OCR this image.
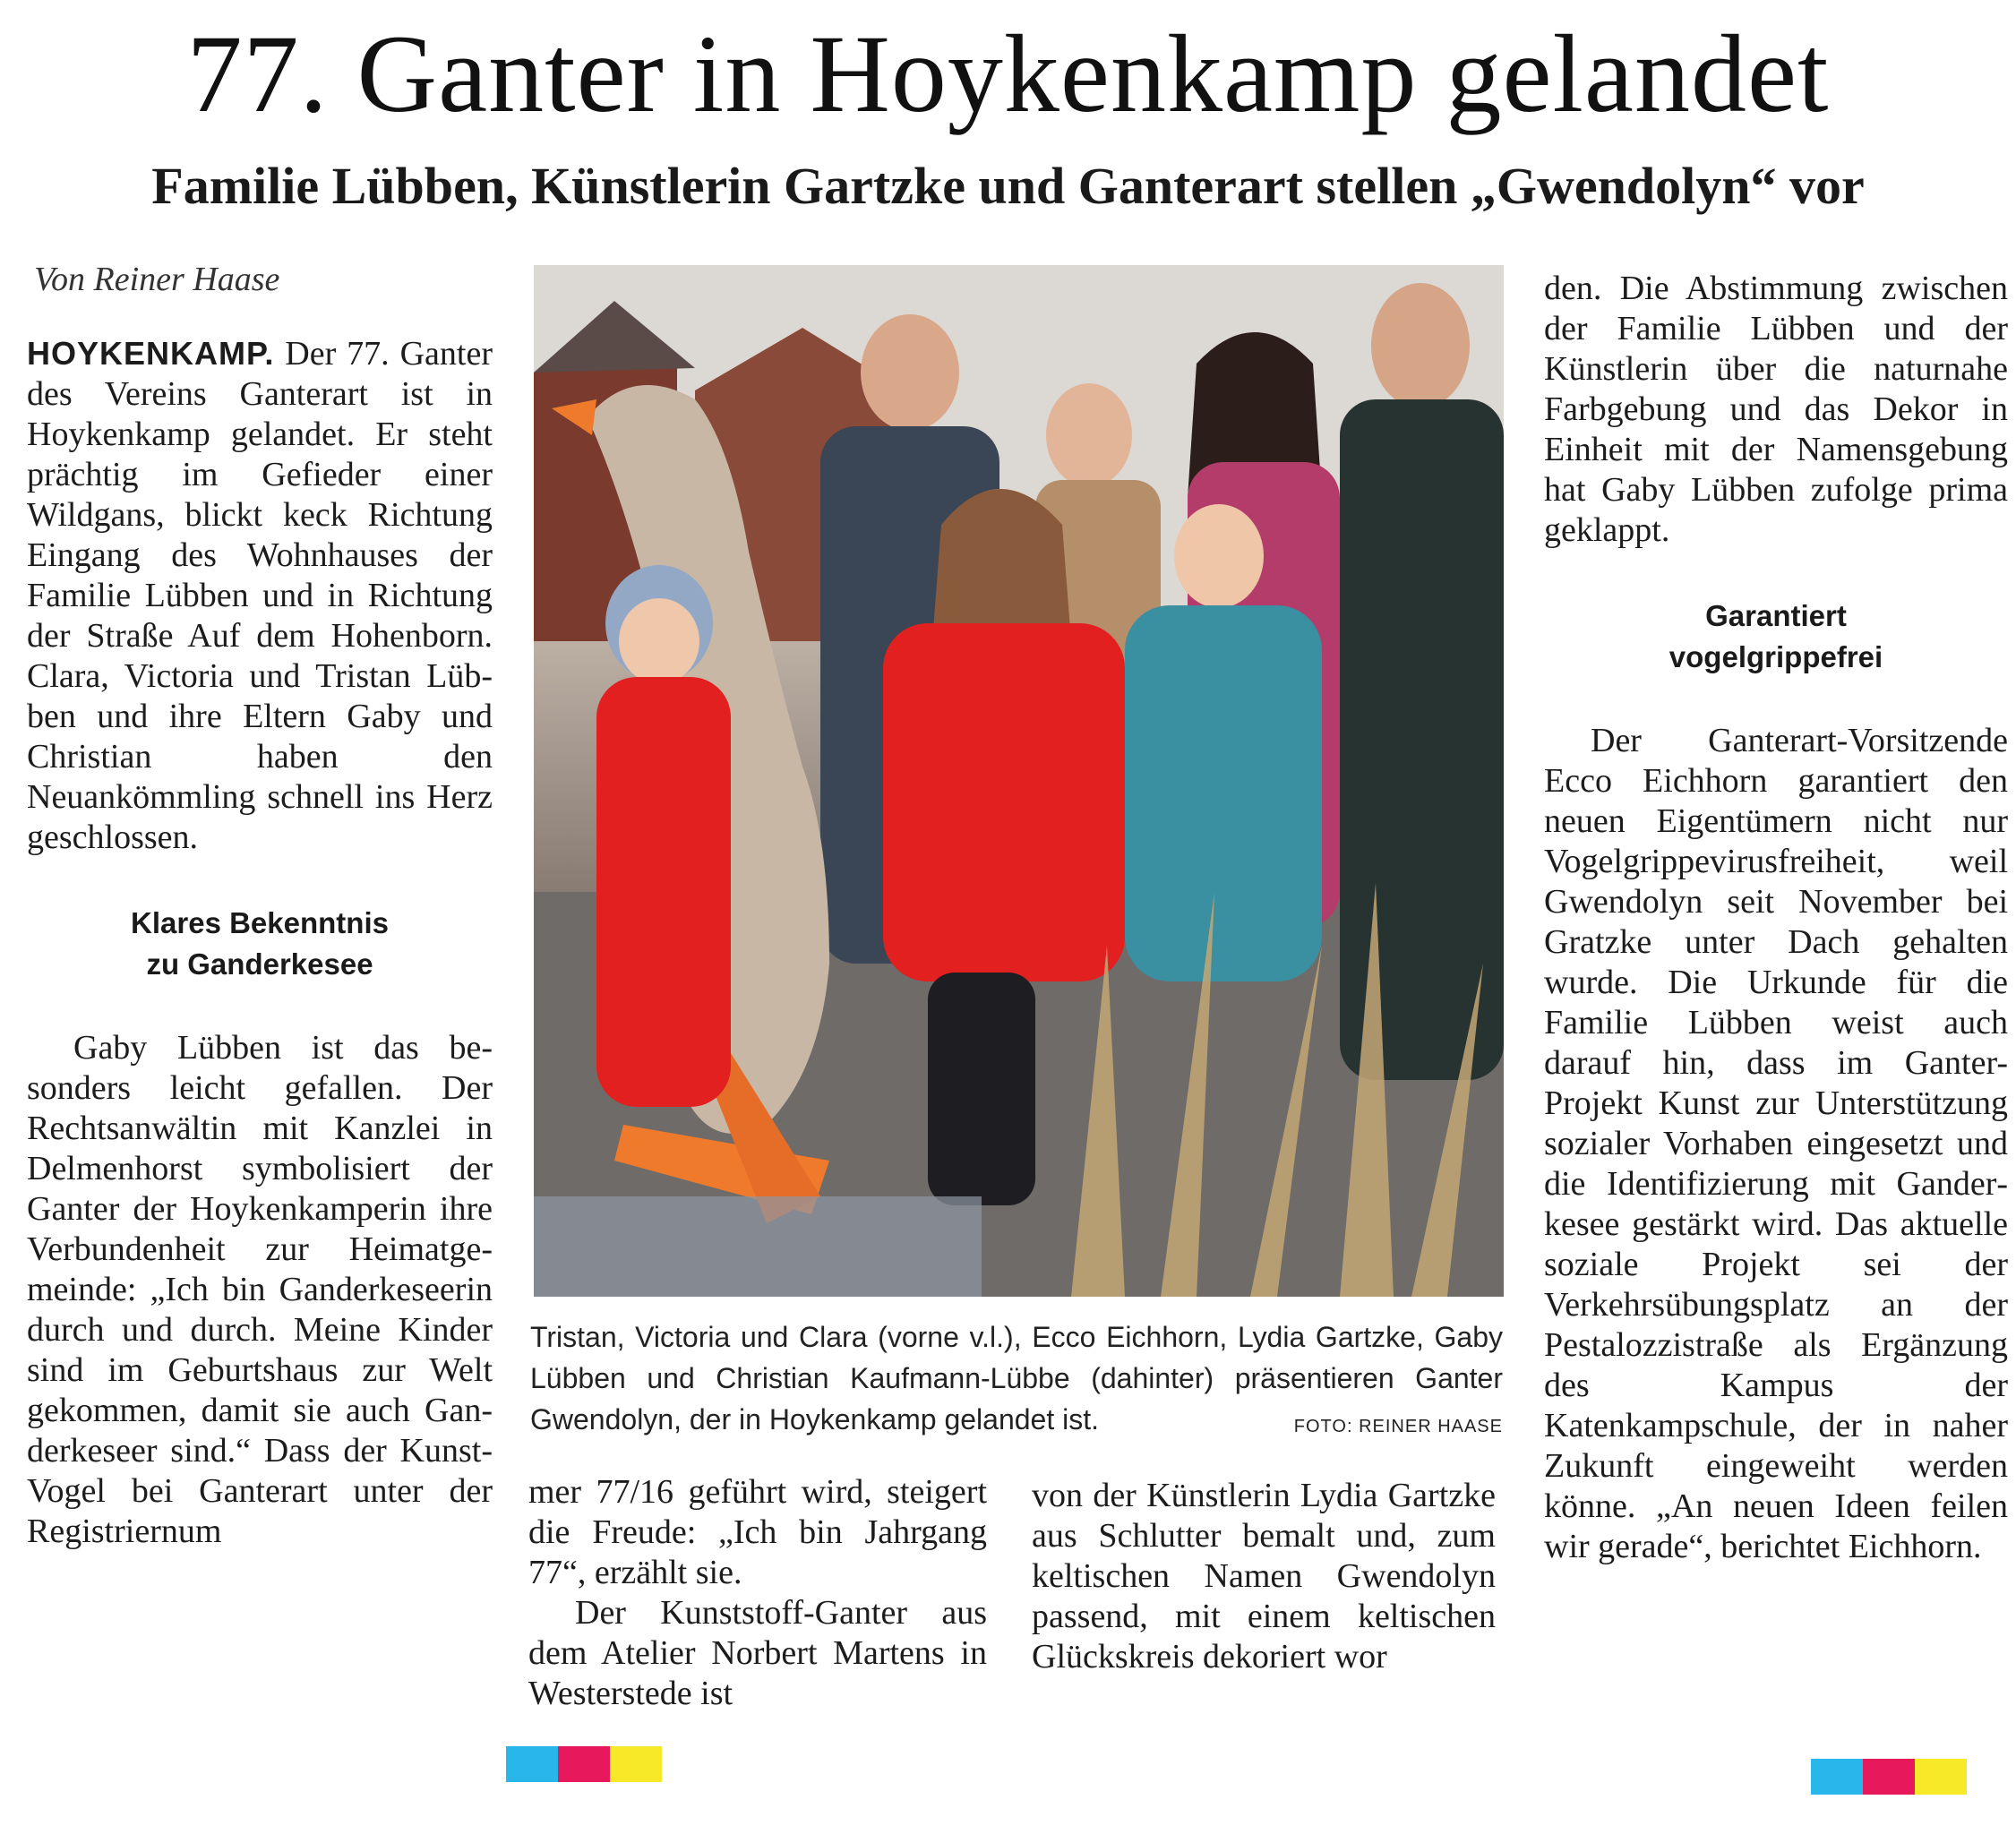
77. Ganter in Hoykenkamp gelandet
Familie Lübben, Künstlerin Gartzke und Ganterart stellen „Gwendolyn“ vor
Von Reiner Haase

HOYKENKAMP. Der 77. Ganter des Vereins Ganterart ist in Hoykenkamp gelandet. Er steht prächtig im Gefieder einer Wildgans, blickt keck Richtung Eingang des Wohnhauses der Familie Lübben und in Richtung der Straße Auf dem Hohenborn. Clara, Victoria und Tristan Lübben und ihre Eltern Gaby und Christian haben den Neuankömmling schnell ins Herz geschlossen.

Klares Bekenntnis
zu Ganderkesee

Gaby Lübben ist das besonders leicht gefallen. Der Rechtsanwältin mit Kanzlei in Delmenhorst symbolisiert der Ganter der Hoykenkamperin ihre Verbundenheit zur Heimatgemeinde: „Ich bin Ganderkeseerin durch und durch. Meine Kinder sind im Geburtshaus zur Welt gekommen, damit sie auch Ganderkeseer sind.“ Dass der Kunst-Vogel bei Ganterart unter der Registriernum

Tristan, Victoria und Clara (vorne v.l.), Ecco Eichhorn, Lydia Gartzke, Gaby Lübben und Christian Kaufmann-Lübbe (dahinter) präsentieren Ganter Gwendolyn, der in Hoykenkamp gelandet ist.	FOTO: REINER HAASE

mer 77/16 geführt wird, steigert die Freude: „Ich bin Jahrgang 77“, erzählt sie.

Der Kunststoff-Ganter aus dem Atelier Norbert Martens in Westerstede ist

von der Künstlerin Lydia Gartzke aus Schlutter bemalt und, zum keltischen Namen Gwendolyn passend, mit einem keltischen Glückskreis dekoriert wor

den. Die Abstimmung zwischen der Familie Lübben und der Künstlerin über die naturnahe Farbgebung und das Dekor in Einheit mit der Namensgebung hat Gaby Lübben zufolge prima geklappt.

Garantiert
vogelgrippefrei

Der Ganterart-Vorsitzende Ecco Eichhorn garantiert den neuen Eigentümern nicht nur Vogelgrippevirusfreiheit, weil Gwendolyn seit November bei Gratzke unter Dach gehalten wurde. Die Urkunde für die Familie Lübben weist auch darauf hin, dass im Ganter-Projekt Kunst zur Unterstützung sozialer Vorhaben eingesetzt und die Identifizierung mit Ganderkesee gestärkt wird. Das aktuelle soziale Projekt sei der Verkehrsübungsplatz an der Pestalozzistraße als Ergänzung des Kampus der Katenkampschule, der in naher Zukunft eingeweiht werden könne. „An neuen Ideen feilen wir gerade“, berichtet Eichhorn.
